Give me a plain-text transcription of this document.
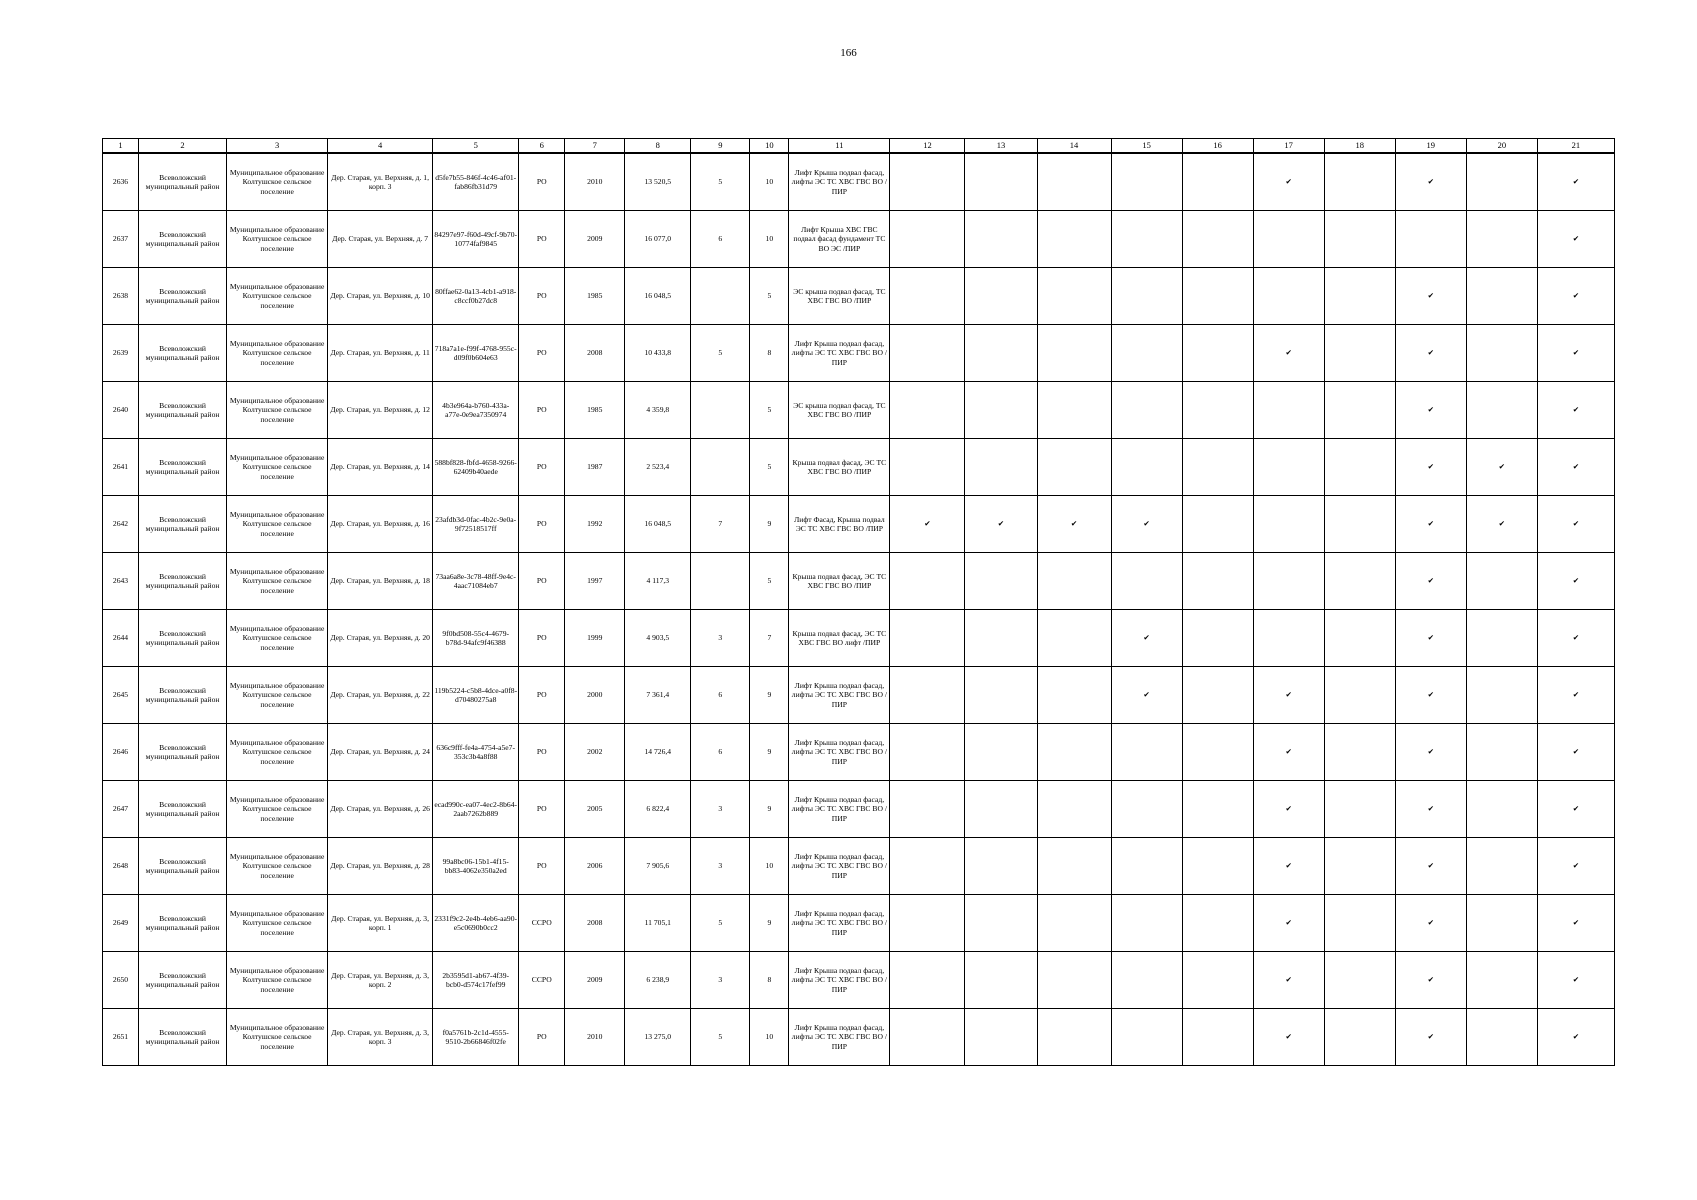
166
1	2	3	4	5	6	7	8	9	10	11	12	13	14	15	16	17	18	19	20	21
2636	Всеволожский муниципальный район	Муниципальное образование Колтушское сельское поселение	Дер. Старая, ул. Верхняя, д. 1, корп. 3	d5fe7b55-846f-4c46-af01-fab86fb31d79	РО	2010	13 520,5	5	10	Лифт Крыша подвал фасад, лифты ЭС ТС ХВС ГВС ВО /ПИР						✔		✔		✔
2637	Всеволожский муниципальный район	Муниципальное образование Колтушское сельское поселение	Дер. Старая, ул. Верхняя, д. 7	84297e97-f60d-49cf-9b70-10774faf9845	РО	2009	16 077,0	6	10	Лифт Крыша ХВС ГВС подвал фасад фундамент ТС ВО ЭС /ПИР										✔
2638	Всеволожский муниципальный район	Муниципальное образование Колтушское сельское поселение	Дер. Старая, ул. Верхняя, д. 10	80ffae62-0a13-4cb1-a918-c8ccf0b27dc8	РО	1985	16 048,5		5	ЭС крыша подвал фасад, ТС ХВС ГВС ВО /ПИР								✔		✔
2639	Всеволожский муниципальный район	Муниципальное образование Колтушское сельское поселение	Дер. Старая, ул. Верхняя, д. 11	718a7a1e-f99f-4768-955c-d09f0b604e63	РО	2008	10 433,8	5	8	Лифт Крыша подвал фасад, лифты ЭС ТС ХВС ГВС ВО /ПИР						✔		✔		✔
2640	Всеволожский муниципальный район	Муниципальное образование Колтушское сельское поселение	Дер. Старая, ул. Верхняя, д. 12	4b3e964a-b760-433a-a77e-0e9ea7350974	РО	1985	4 359,8		5	ЭС крыша подвал фасад, ТС ХВС ГВС ВО /ПИР								✔		✔
2641	Всеволожский муниципальный район	Муниципальное образование Колтушское сельское поселение	Дер. Старая, ул. Верхняя, д. 14	588bf828-fbfd-4658-9266-62409b40aede	РО	1987	2 523,4		5	Крыша подвал фасад, ЭС ТС ХВС ГВС ВО /ПИР								✔	✔	✔
2642	Всеволожский муниципальный район	Муниципальное образование Колтушское сельское поселение	Дер. Старая, ул. Верхняя, д. 16	23afdb3d-0fac-4b2c-9e0a-9f72518517ff	РО	1992	16 048,5	7	9	Лифт Фасад, Крыша подвал ЭС ТС ХВС ГВС ВО /ПИР	✔	✔	✔	✔				✔	✔	✔
2643	Всеволожский муниципальный район	Муниципальное образование Колтушское сельское поселение	Дер. Старая, ул. Верхняя, д. 18	73aa6a8e-3c78-48ff-9e4c-4aac71084eb7	РО	1997	4 117,3		5	Крыша подвал фасад, ЭС ТС ХВС ГВС ВО /ПИР								✔		✔
2644	Всеволожский муниципальный район	Муниципальное образование Колтушское сельское поселение	Дер. Старая, ул. Верхняя, д. 20	9f0bd508-55c4-4679-b78d-94afc9f46388	РО	1999	4 903,5	3	7	Крыша подвал фасад, ЭС ТС ХВС ГВС ВО лифт /ПИР				✔				✔		✔
2645	Всеволожский муниципальный район	Муниципальное образование Колтушское сельское поселение	Дер. Старая, ул. Верхняя, д. 22	119b5224-c5b8-4dce-a0f8-d70480275a8	РО	2000	7 361,4	6	9	Лифт Крыша подвал фасад, лифты ЭС ТС ХВС ГВС ВО /ПИР				✔		✔		✔		✔
2646	Всеволожский муниципальный район	Муниципальное образование Колтушское сельское поселение	Дер. Старая, ул. Верхняя, д. 24	636c9fff-fe4a-4754-a5e7-353c3b4a8f88	РО	2002	14 726,4	6	9	Лифт Крыша подвал фасад, лифты ЭС ТС ХВС ГВС ВО /ПИР						✔		✔		✔
2647	Всеволожский муниципальный район	Муниципальное образование Колтушское сельское поселение	Дер. Старая, ул. Верхняя, д. 26	ecad990c-ea07-4ec2-8b64-2aab7262b889	РО	2005	6 822,4	3	9	Лифт Крыша подвал фасад, лифты ЭС ТС ХВС ГВС ВО /ПИР						✔		✔		✔
2648	Всеволожский муниципальный район	Муниципальное образование Колтушское сельское поселение	Дер. Старая, ул. Верхняя, д. 28	99a8bc06-15b1-4f15-bb83-4062e350a2ed	РО	2006	7 905,6	3	10	Лифт Крыша подвал фасад, лифты ЭС ТС ХВС ГВС ВО /ПИР						✔		✔		✔
2649	Всеволожский муниципальный район	Муниципальное образование Колтушское сельское поселение	Дер. Старая, ул. Верхняя, д. 3, корп. 1	2331f9c2-2e4b-4eb6-aa90-e5c0690b0cc2	ССРО	2008	11 705,1	5	9	Лифт Крыша подвал фасад, лифты ЭС ТС ХВС ГВС ВО /ПИР						✔		✔		✔
2650	Всеволожский муниципальный район	Муниципальное образование Колтушское сельское поселение	Дер. Старая, ул. Верхняя, д. 3, корп. 2	2b3595d1-ab67-4f39-bcb0-d574c17fef99	ССРО	2009	6 238,9	3	8	Лифт Крыша подвал фасад, лифты ЭС ТС ХВС ГВС ВО /ПИР						✔		✔		✔
2651	Всеволожский муниципальный район	Муниципальное образование Колтушское сельское поселение	Дер. Старая, ул. Верхняя, д. 3, корп. 3	f0a5761b-2c1d-4555-9510-2b66846f02fe	РО	2010	13 275,0	5	10	Лифт Крыша подвал фасад, лифты ЭС ТС ХВС ГВС ВО /ПИР						✔		✔		✔
